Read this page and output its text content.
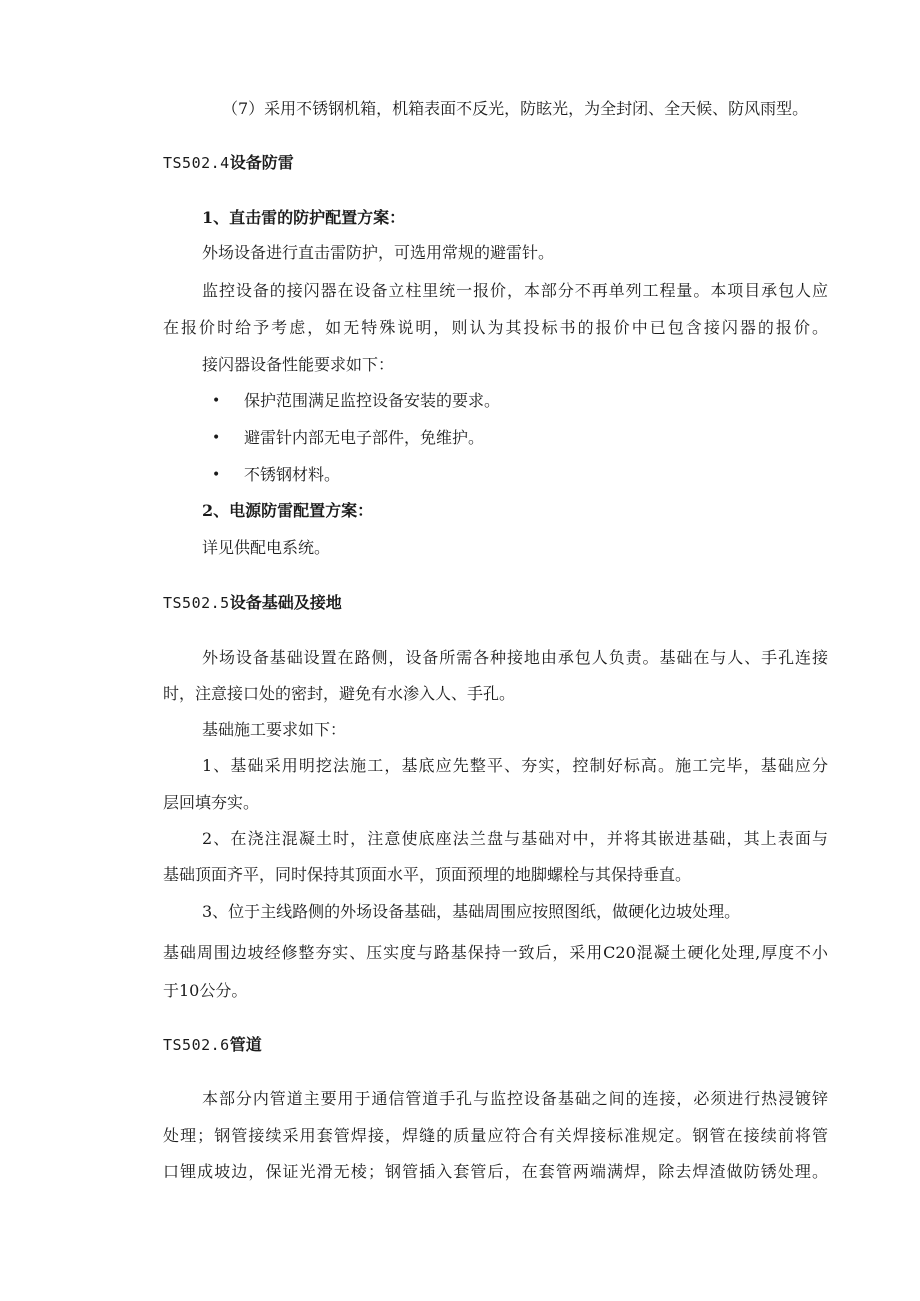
（7）采用不锈钢机箱，机箱表面不反光，防眩光，为全封闭、全天候、防风雨型。
TS502.4设备防雷
1、直击雷的防护配置方案：
外场设备进行直击雷防护，可选用常规的避雷针。
监控设备的接闪器在设备立柱里统一报价，本部分不再单列工程量。本项目承包人应
在报价时给予考虑，如无特殊说明，则认为其投标书的报价中已包含接闪器的报价。
接闪器设备性能要求如下：
• 保护范围满足监控设备安装的要求。
• 避雷针内部无电子部件，免维护。
• 不锈钢材料。
2、电源防雷配置方案：
详见供配电系统。
TS502.5设备基础及接地
外场设备基础设置在路侧，设备所需各种接地由承包人负责。基础在与人、手孔连接
时，注意接口处的密封，避免有水渗入人、手孔。
基础施工要求如下：
1、基础采用明挖法施工，基底应先整平、夯实，控制好标高。施工完毕，基础应分
层回填夯实。
2、在浇注混凝土时，注意使底座法兰盘与基础对中，并将其嵌进基础，其上表面与
基础顶面齐平，同时保持其顶面水平，顶面预埋的地脚螺栓与其保持垂直。
3、位于主线路侧的外场设备基础，基础周围应按照图纸，做硬化边坡处理。
基础周围边坡经修整夯实、压实度与路基保持一致后，采用C20混凝土硬化处理,厚度不小
于10公分。
TS502.6管道
本部分内管道主要用于通信管道手孔与监控设备基础之间的连接，必须进行热浸镀锌
处理；钢管接续采用套管焊接，焊缝的质量应符合有关焊接标准规定。钢管在接续前将管
口锂成坡边，保证光滑无棱；钢管插入套管后，在套管两端满焊，除去焊渣做防锈处理。
